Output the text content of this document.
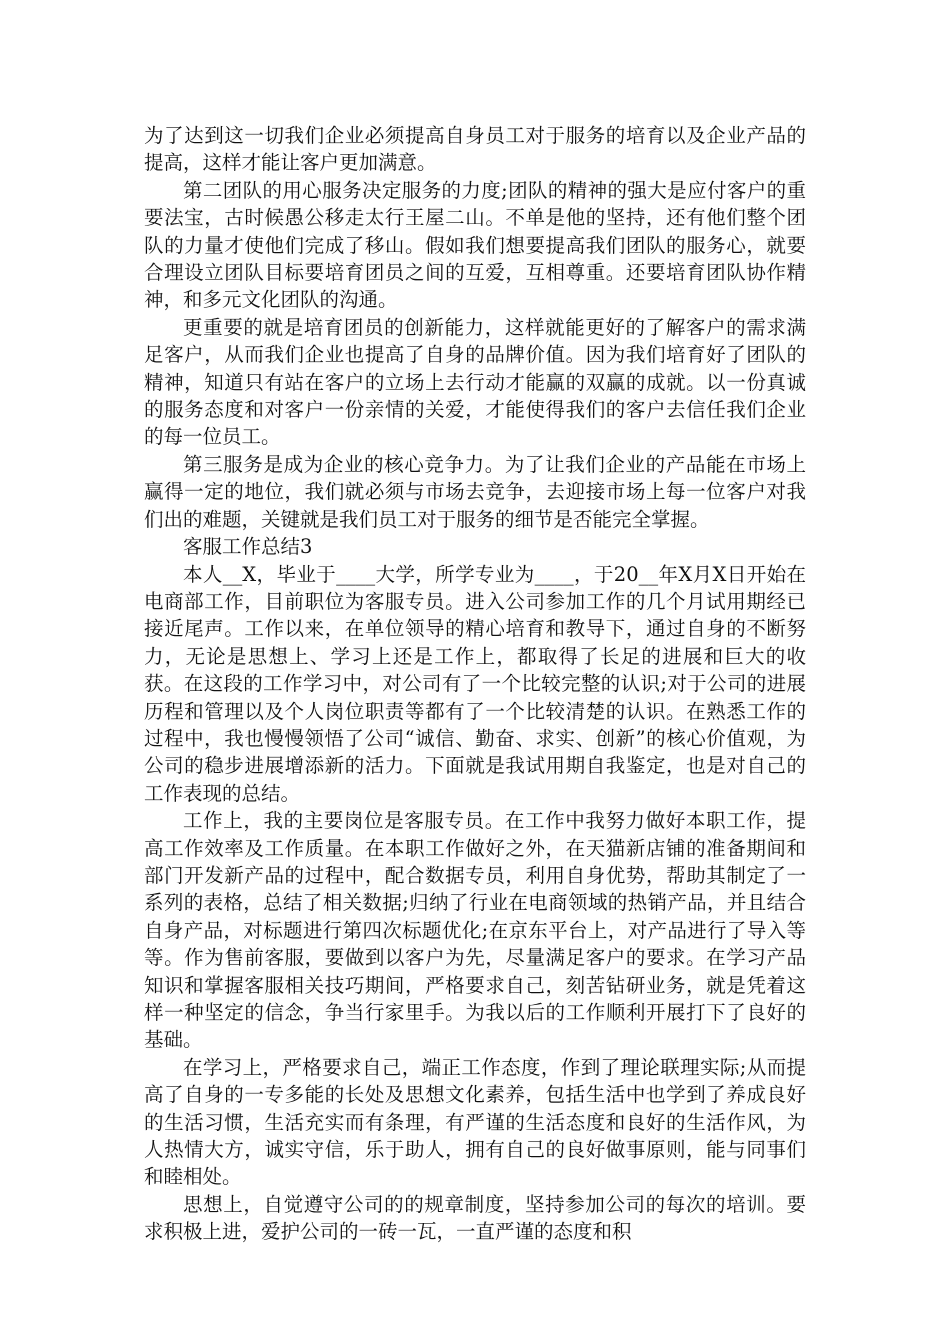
为了达到这一切我们企业必须提高自身员工对于服务的培育以及企业产品的提高，这样才能让客户更加满意。

第二团队的用心服务决定服务的力度;团队的精神的强大是应付客户的重要法宝，古时候愚公移走太行王屋二山。不单是他的坚持，还有他们整个团队的力量才使他们完成了移山。假如我们想要提高我们团队的服务心，就要合理设立团队目标要培育团员之间的互爱，互相尊重。还要培育团队协作精神，和多元文化团队的沟通。

更重要的就是培育团员的创新能力，这样就能更好的了解客户的需求满足客户，从而我们企业也提高了自身的品牌价值。因为我们培育好了团队的精神，知道只有站在客户的立场上去行动才能赢的双赢的成就。以一份真诚的服务态度和对客户一份亲情的关爱，才能使得我们的客户去信任我们企业的每一位员工。

第三服务是成为企业的核心竞争力。为了让我们企业的产品能在市场上赢得一定的地位，我们就必须与市场去竞争，去迎接市场上每一位客户对我们出的难题，关键就是我们员工对于服务的细节是否能完全掌握。

客服工作总结3

本人__X，毕业于____大学，所学专业为____，于20__年X月X日开始在电商部工作，目前职位为客服专员。进入公司参加工作的几个月试用期经已接近尾声。工作以来，在单位领导的精心培育和教导下，通过自身的不断努力，无论是思想上、学习上还是工作上，都取得了长足的进展和巨大的收获。在这段的工作学习中，对公司有了一个比较完整的认识;对于公司的进展历程和管理以及个人岗位职责等都有了一个比较清楚的认识。在熟悉工作的过程中，我也慢慢领悟了公司“诚信、勤奋、求实、创新”的核心价值观，为公司的稳步进展增添新的活力。下面就是我试用期自我鉴定，也是对自己的工作表现的总结。

工作上，我的主要岗位是客服专员。在工作中我努力做好本职工作，提高工作效率及工作质量。在本职工作做好之外，在天猫新店铺的准备期间和部门开发新产品的过程中，配合数据专员，利用自身优势，帮助其制定了一系列的表格，总结了相关数据;归纳了行业在电商领域的热销产品，并且结合自身产品，对标题进行第四次标题优化;在京东平台上，对产品进行了导入等等。作为售前客服，要做到以客户为先，尽量满足客户的要求。在学习产品知识和掌握客服相关技巧期间，严格要求自己，刻苦钻研业务，就是凭着这样一种坚定的信念，争当行家里手。为我以后的工作顺利开展打下了良好的基础。

在学习上，严格要求自己，端正工作态度，作到了理论联理实际;从而提高了自身的一专多能的长处及思想文化素养，包括生活中也学到了养成良好的生活习惯，生活充实而有条理，有严谨的生活态度和良好的生活作风，为人热情大方，诚实守信，乐于助人，拥有自己的良好做事原则，能与同事们和睦相处。

思想上，自觉遵守公司的的规章制度，坚持参加公司的每次的培训。要求积极上进，爱护公司的一砖一瓦，一直严谨的态度和积
